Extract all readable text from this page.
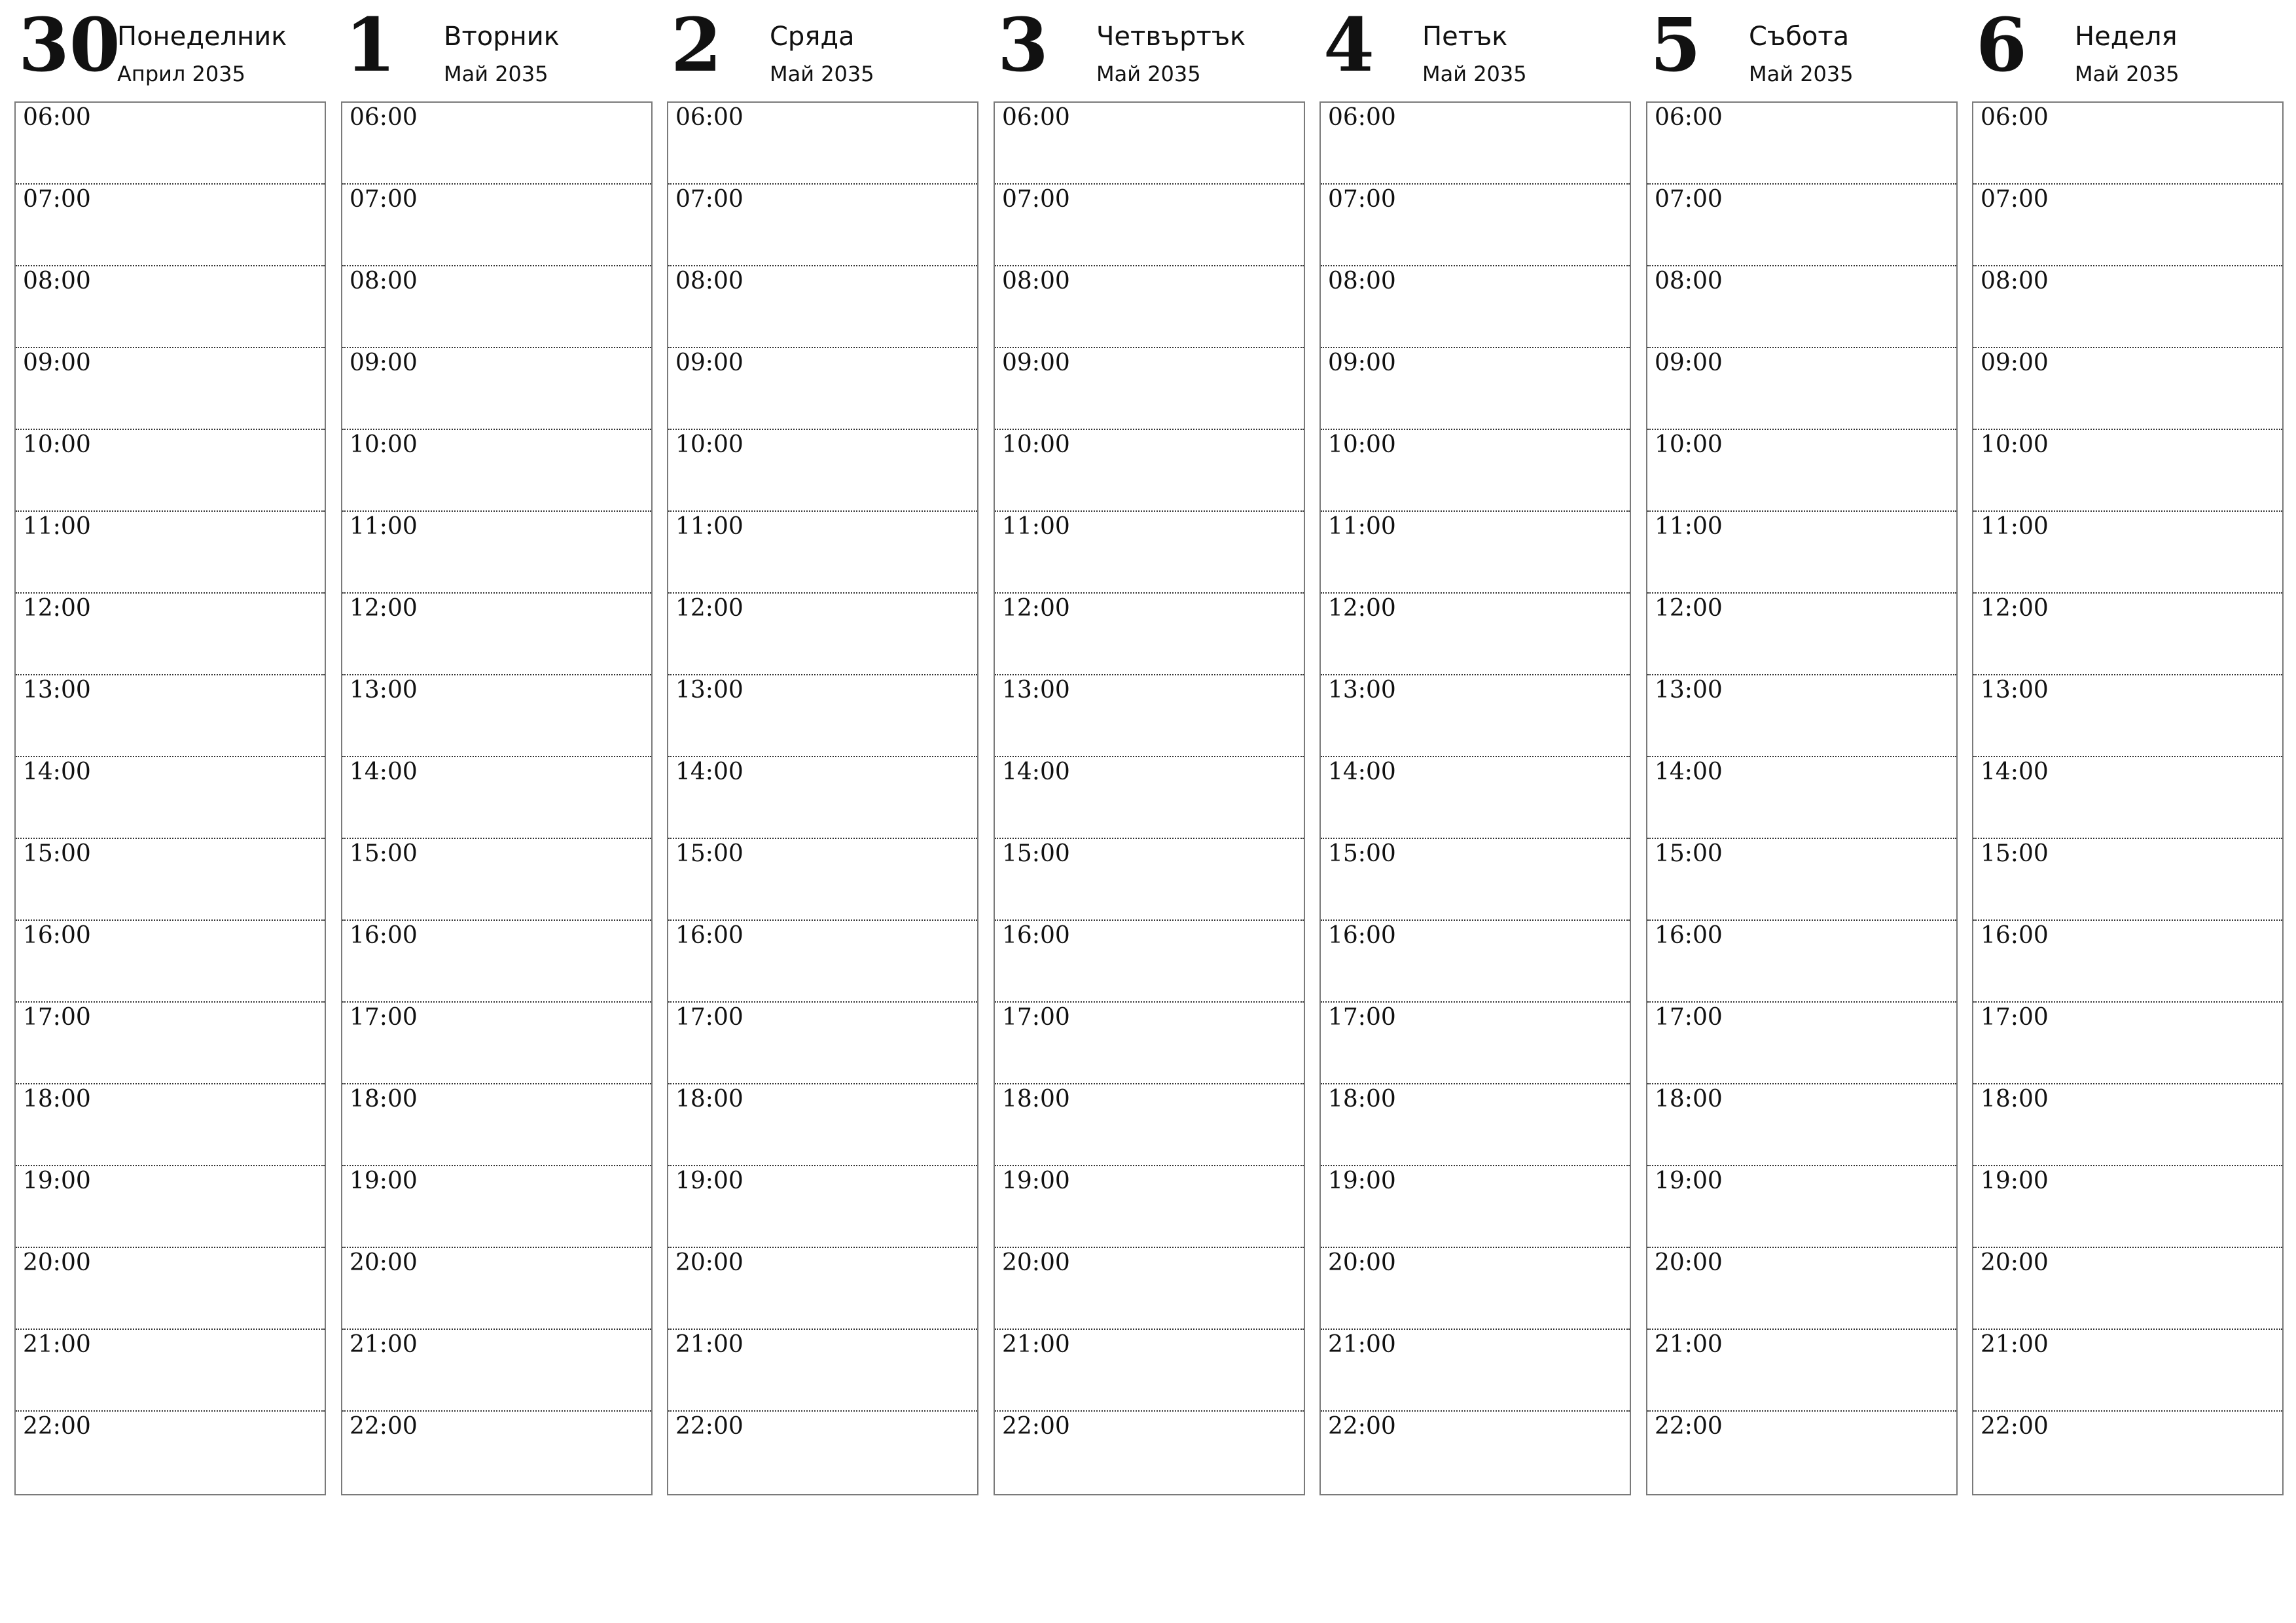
30
Понеделник
Април 2035
06:00
07:00
08:00
09:00
10:00
11:00
12:00
13:00
14:00
15:00
16:00
17:00
18:00
19:00
20:00
21:00
22:00
1 Вторник
Май 2035
06:00
07:00
08:00
09:00
10:00
11:00
12:00
13:00
14:00
15:00
16:00
17:00
18:00
19:00
20:00
21:00
22:00
2 Сряда
Май 2035
06:00
07:00
08:00
09:00
10:00
11:00
12:00
13:00
14:00
15:00
16:00
17:00
18:00
19:00
20:00
21:00
22:00
3 Четвъртък
Май 2035
06:00
07:00
08:00
09:00
10:00
11:00
12:00
13:00
14:00
15:00
16:00
17:00
18:00
19:00
20:00
21:00
22:00
4 Петък
Май 2035
06:00
07:00
08:00
09:00
10:00
11:00
12:00
13:00
14:00
15:00
16:00
17:00
18:00
19:00
20:00
21:00
22:00
5 Събота
Май 2035
06:00
07:00
08:00
09:00
10:00
11:00
12:00
13:00
14:00
15:00
16:00
17:00
18:00
19:00
20:00
21:00
22:00
6 Неделя
Май 2035
06:00
07:00
08:00
09:00
10:00
11:00
12:00
13:00
14:00
15:00
16:00
17:00
18:00
19:00
20:00
21:00
22:00
